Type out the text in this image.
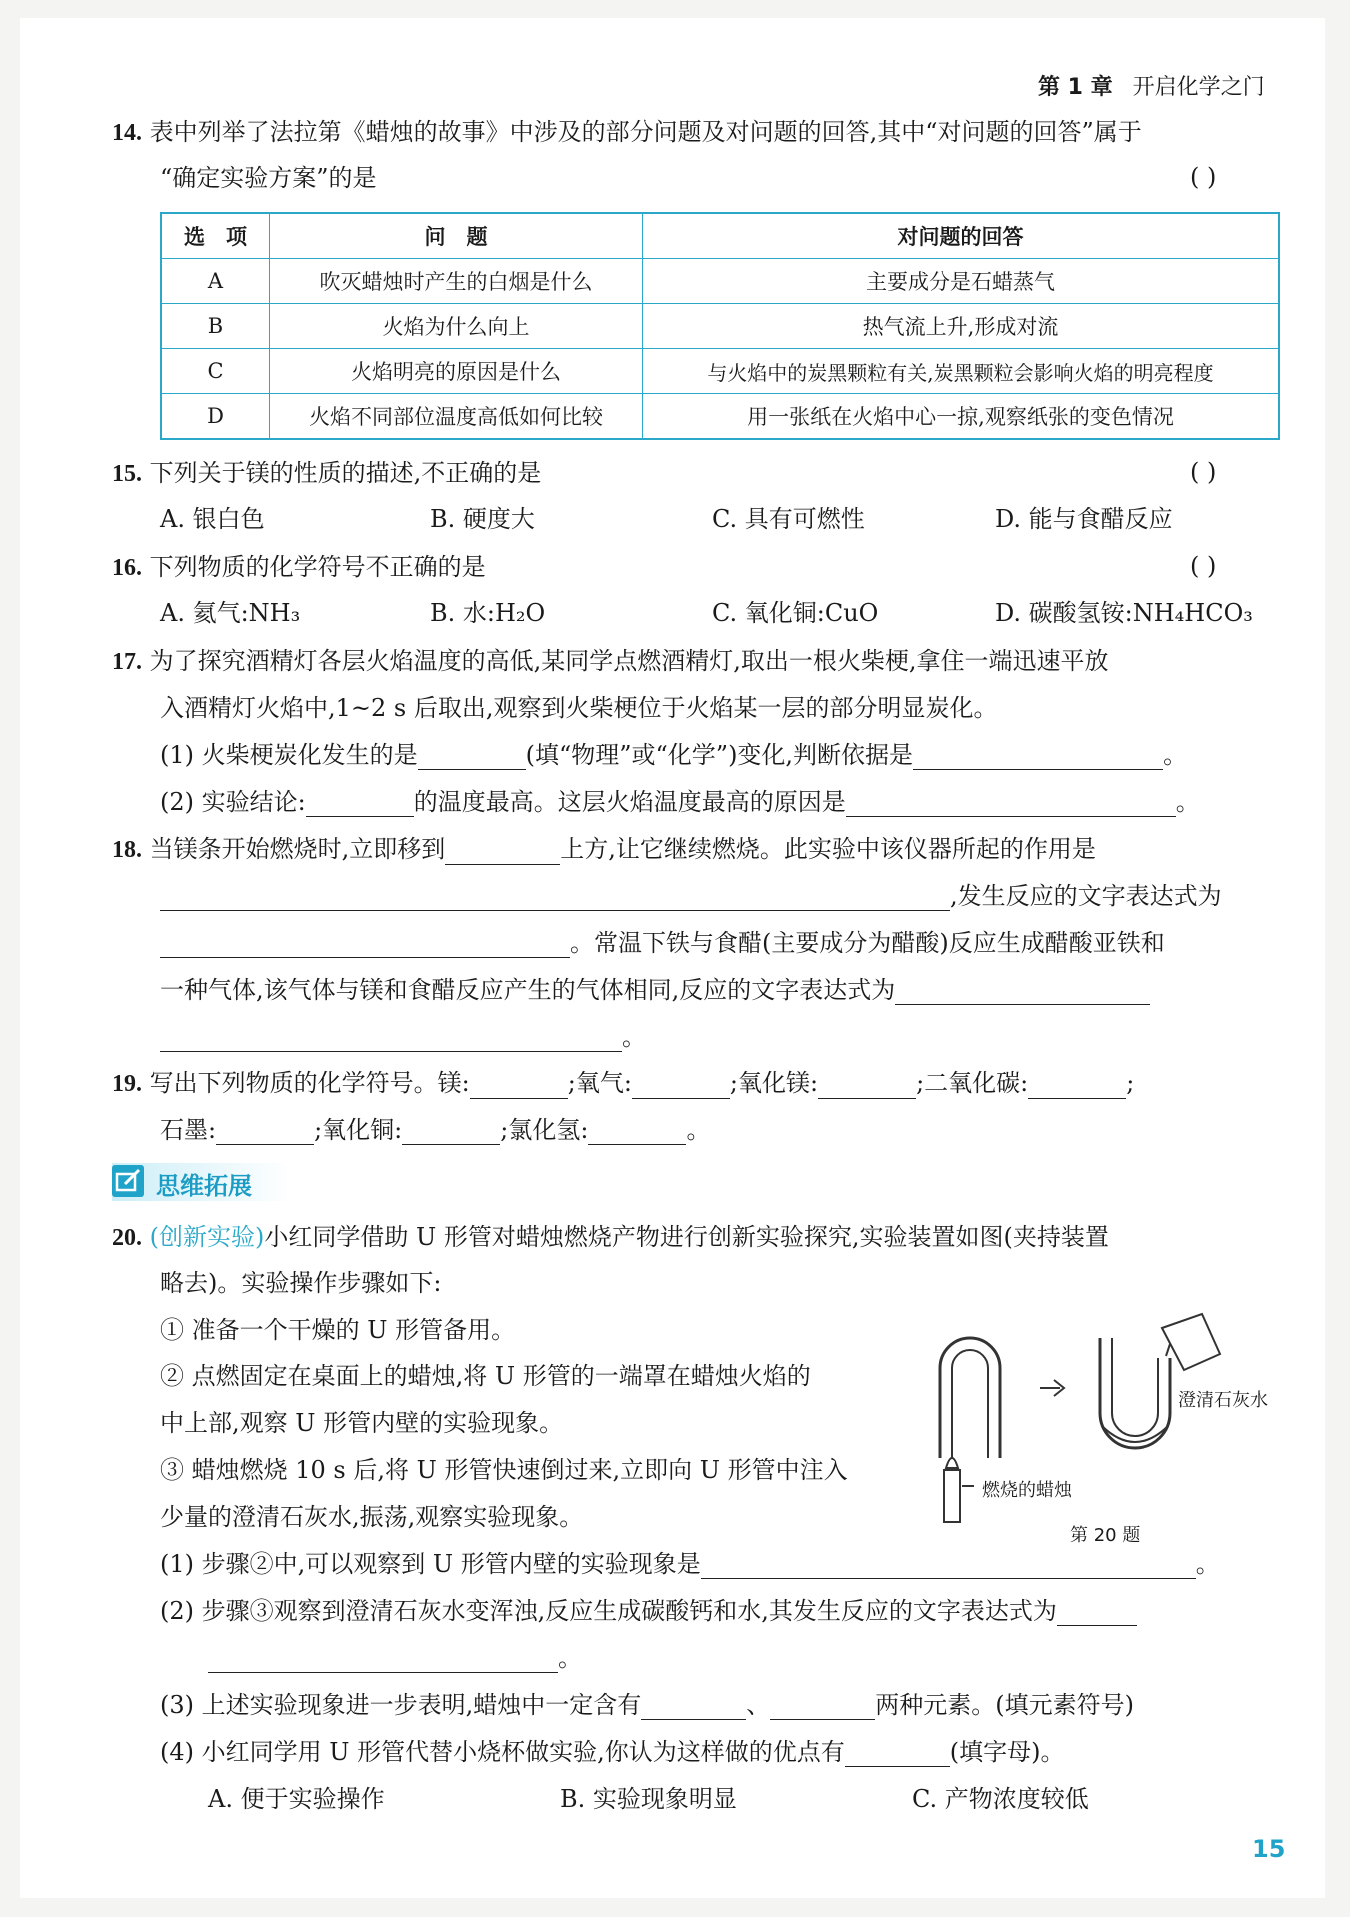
第 1 章 开启化学之门
14. 表中列举了法拉第《蜡烛的故事》中涉及的部分问题及对问题的回答,其中“对问题的回答”属于
“确定实验方案”的是	( )
选　项	问　题	对问题的回答
A	吹灭蜡烛时产生的白烟是什么	主要成分是石蜡蒸气
B	火焰为什么向上	热气流上升,形成对流
C	火焰明亮的原因是什么	与火焰中的炭黑颗粒有关,炭黑颗粒会影响火焰的明亮程度
D	火焰不同部位温度高低如何比较	用一张纸在火焰中心一掠,观察纸张的变色情况
15. 下列关于镁的性质的描述,不正确的是	( )
A. 银白色	B. 硬度大	C. 具有可燃性	D. 能与食醋反应
16. 下列物质的化学符号不正确的是	( )
A. 氦气:NH₃	B. 水:H₂O	C. 氧化铜:CuO	D. 碳酸氢铵:NH₄HCO₃
17. 为了探究酒精灯各层火焰温度的高低,某同学点燃酒精灯,取出一根火柴梗,拿住一端迅速平放
入酒精灯火焰中,1~2 s 后取出,观察到火柴梗位于火焰某一层的部分明显炭化。
(1) 火柴梗炭化发生的是	(填“物理”或“化学”)变化,判断依据是	。
(2) 实验结论:	的温度最高。这层火焰温度最高的原因是	。
18. 当镁条开始燃烧时,立即移到	上方,让它继续燃烧。此实验中该仪器所起的作用是
,发生反应的文字表达式为
。常温下铁与食醋(主要成分为醋酸)反应生成醋酸亚铁和
一种气体,该气体与镁和食醋反应产生的气体相同,反应的文字表达式为
。
19. 写出下列物质的化学符号。镁:	;氧气:	;氧化镁:	;二氧化碳:	;
石墨:	;氧化铜:	;氯化氢:	。
思维拓展
20. (创新实验)小红同学借助 U 形管对蜡烛燃烧产物进行创新实验探究,实验装置如图(夹持装置
略去)。实验操作步骤如下:
① 准备一个干燥的 U 形管备用。
② 点燃固定在桌面上的蜡烛,将 U 形管的一端罩在蜡烛火焰的
中上部,观察 U 形管内壁的实验现象。
③ 蜡烛燃烧 10 s 后,将 U 形管快速倒过来,立即向 U 形管中注入
少量的澄清石灰水,振荡,观察实验现象。
澄清石灰水
燃烧的蜡烛
第 20 题
(1) 步骤②中,可以观察到 U 形管内壁的实验现象是	。
(2) 步骤③观察到澄清石灰水变浑浊,反应生成碳酸钙和水,其发生反应的文字表达式为
。
(3) 上述实验现象进一步表明,蜡烛中一定含有	、	两种元素。(填元素符号)
(4) 小红同学用 U 形管代替小烧杯做实验,你认为这样做的优点有	(填字母)。
A. 便于实验操作	B. 实验现象明显	C. 产物浓度较低
15
